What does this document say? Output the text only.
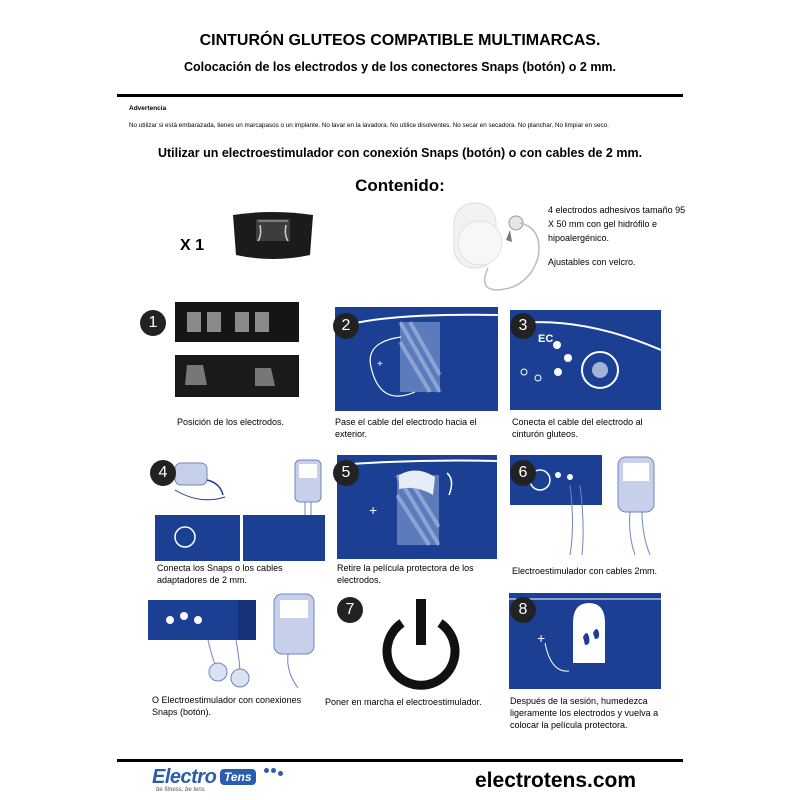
CINTURÓN GLUTEOS COMPATIBLE MULTIMARCAS.
Colocación de los electrodos y de los conectores Snaps (botón) o 2 mm.
Advertencia
No utilizar si está embarazada, tienes un marcapasos o un implante. No lavar en la lavadora. No utilice disolventes. No secar en secadora. No planchar. No limpiar en seco.
Utilizar un electroestimulador con conexión Snaps (botón) o con cables de 2 mm.
Contenido:
X 1

4 electrodos adhesivos tamaño 95 X 50 mm con gel hidrófilo e hipoalergénico.

Ajustables con velcro.

1
Posición de los electrodos.
+
2
Pase el cable del electrodo hacia el exterior.
EC
3
Conecta el cable del electrodo al cinturón gluteos.
4
Conecta los Snaps o los cables adaptadores de 2 mm.
+
5
Retire la película protectora de los electrodos.
6
Electroestimulador con cables 2mm.
O Electroestimulador con conexiones Snaps (botón).
7
Poner en marcha el electroestimulador.
+
8
Después de la sesión, humedezca ligeramente los electrodos y vuelva a colocar la película protectora.
Electro Tens
be fitness, be tens	electrotens.com
